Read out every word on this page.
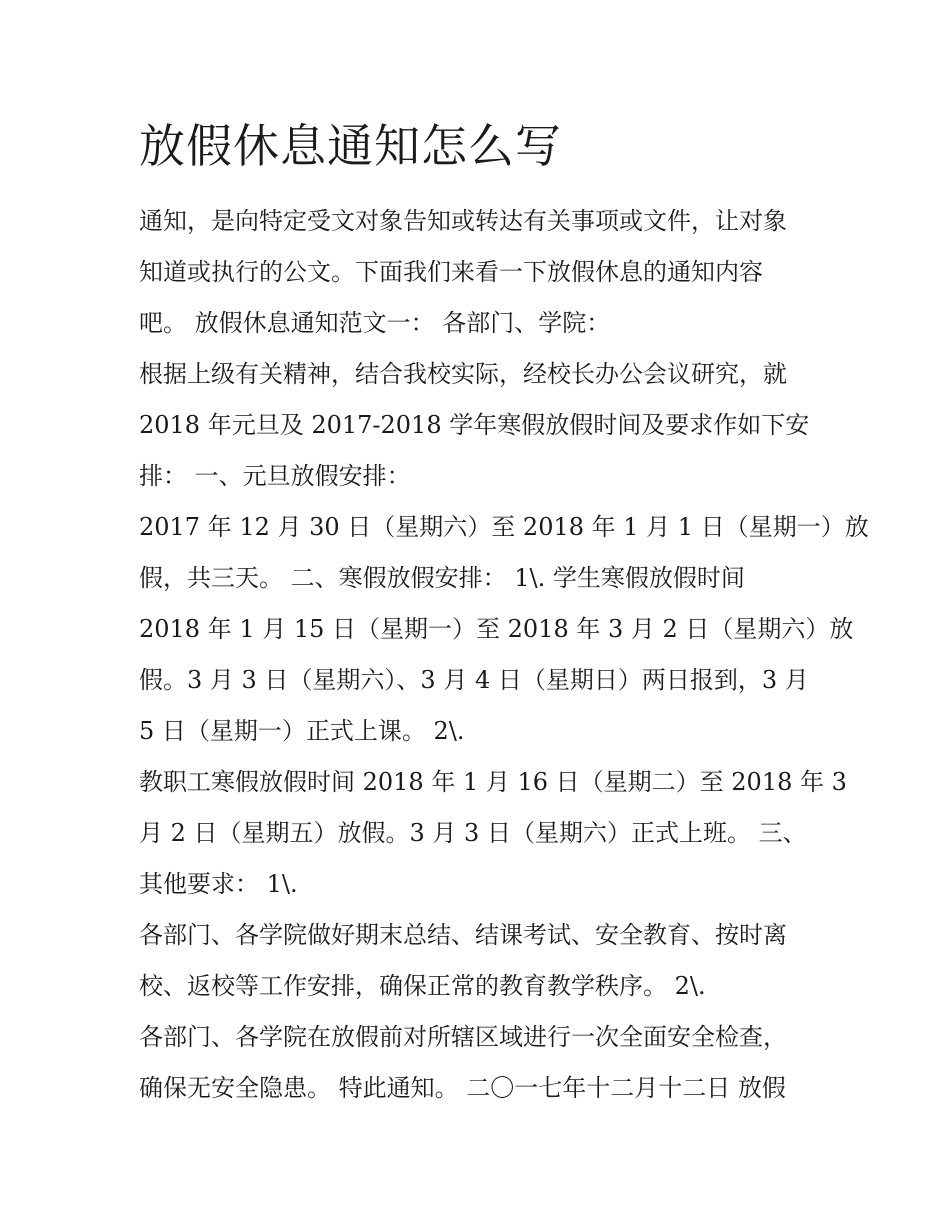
放假休息通知怎么写
通知，是向特定受文对象告知或转达有关事项或文件，让对象
知道或执行的公文。下面我们来看一下放假休息的通知内容
吧。 放假休息通知范文一： 各部门、学院：
根据上级有关精神，结合我校实际，经校长办公会议研究，就
2018 年元旦及 2017-2018 学年寒假放假时间及要求作如下安
排： 一、元旦放假安排：
2017 年 12 月 30 日（星期六）至 2018 年 1 月 1 日（星期一）放
假，共三天。 二、寒假放假安排： 1\. 学生寒假放假时间
2018 年 1 月 15 日（星期一）至 2018 年 3 月 2 日（星期六）放
假。3 月 3 日（星期六）、3 月 4 日（星期日）两日报到，3 月
5 日（星期一）正式上课。 2\.
教职工寒假放假时间 2018 年 1 月 16 日（星期二）至 2018 年 3
月 2 日（星期五）放假。3 月 3 日（星期六）正式上班。 三、
其他要求： 1\.
各部门、各学院做好期末总结、结课考试、安全教育、按时离
校、返校等工作安排，确保正常的教育教学秩序。 2\.
各部门、各学院在放假前对所辖区域进行一次全面安全检查，
确保无安全隐患。 特此通知。 二〇一七年十二月十二日 放假
